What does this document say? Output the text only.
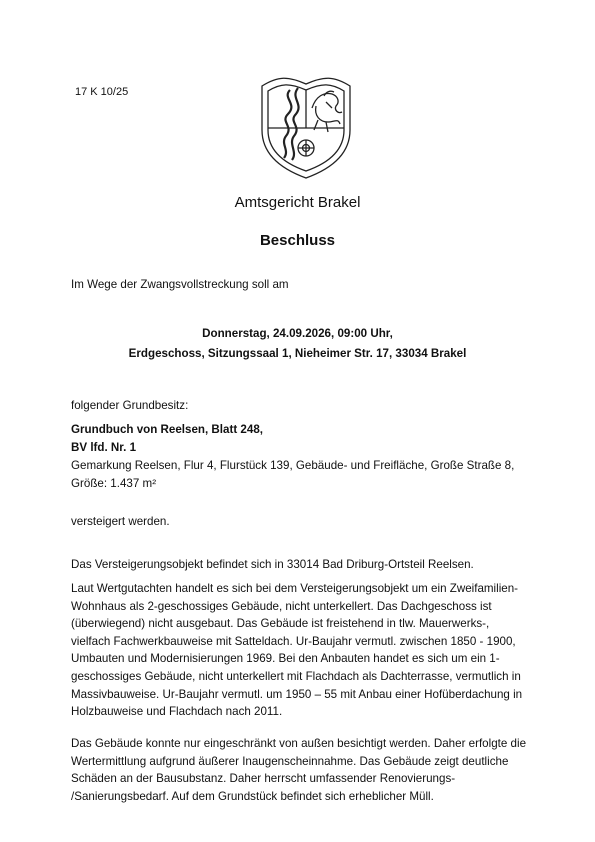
17 K 10/25
Amtsgericht Brakel
Beschluss
Im Wege der Zwangsvollstreckung soll am
Donnerstag, 24.09.2026, 09:00 Uhr,
Erdgeschoss, Sitzungssaal 1, Nieheimer Str. 17, 33034 Brakel
folgender Grundbesitz:
Grundbuch von Reelsen, Blatt 248,
BV lfd. Nr. 1
Gemarkung Reelsen, Flur 4, Flurstück 139, Gebäude- und Freifläche, Große Straße 8, Größe: 1.437 m²
versteigert werden.
Das Versteigerungsobjekt befindet sich in 33014 Bad Driburg-Ortsteil Reelsen.
Laut Wertgutachten handelt es sich bei dem Versteigerungsobjekt um ein Zweifamilien-Wohnhaus als 2-geschossiges Gebäude, nicht unterkellert. Das Dachgeschoss ist (überwiegend) nicht ausgebaut. Das Gebäude ist freistehend in tlw. Mauerwerks-, vielfach Fachwerkbauweise mit Satteldach. Ur-Baujahr vermutl. zwischen 1850 - 1900, Umbauten und Modernisierungen 1969. Bei den Anbauten handet es sich um ein 1-geschossiges Gebäude, nicht unterkellert mit Flachdach als Dachterrasse, vermutlich in Massivbauweise. Ur-Baujahr vermutl. um 1950 – 55 mit Anbau einer Hofüberdachung in Holzbauweise und Flachdach nach 2011.
Das Gebäude konnte nur eingeschränkt von außen besichtigt werden. Daher erfolgte die Wertermittlung aufgrund äußerer Inaugenscheinnahme. Das Gebäude zeigt deutliche Schäden an der Bausubstanz. Daher herrscht umfassender Renovierungs- /Sanierungsbedarf. Auf dem Grundstück befindet sich erheblicher Müll.
